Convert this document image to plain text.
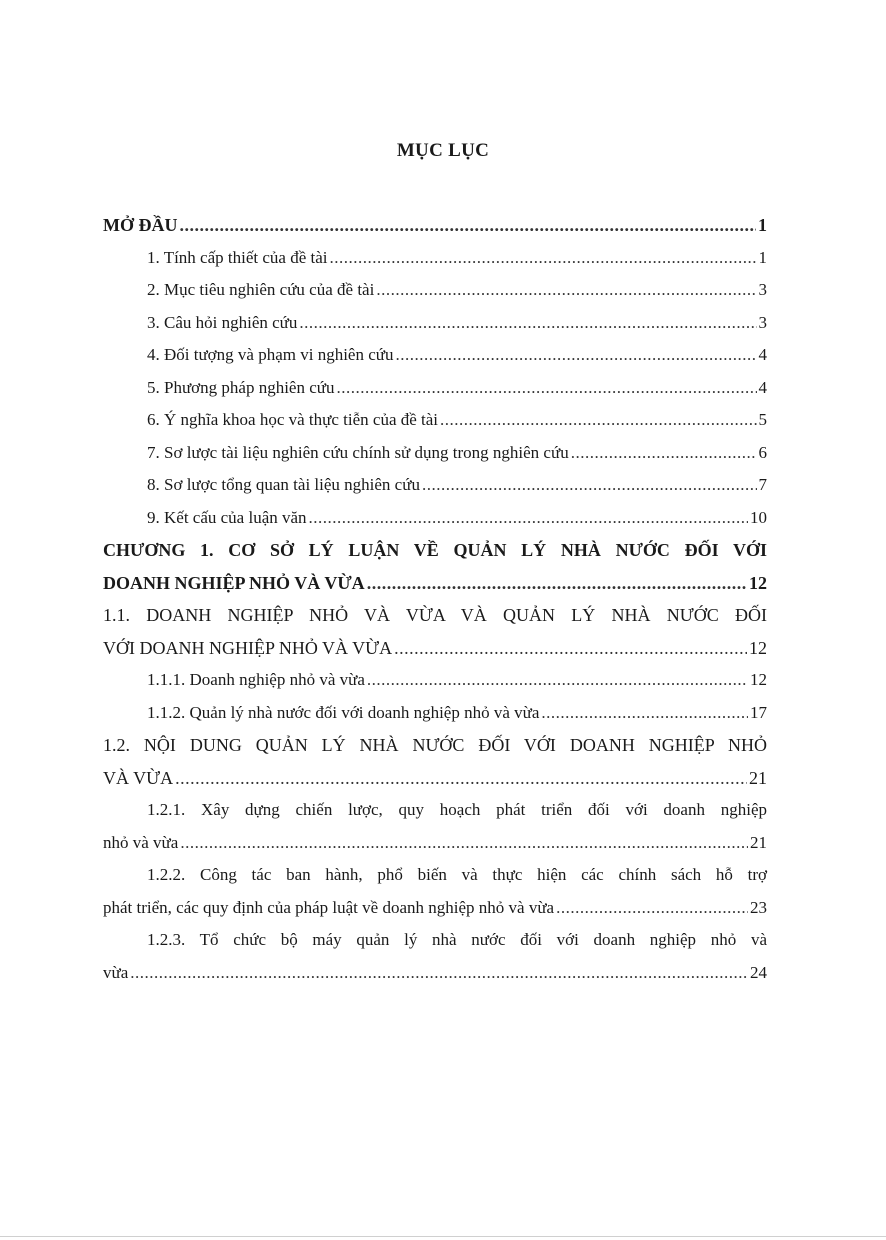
MỤC LỤC
MỞ ĐẦU .....	1
1. Tính cấp thiết của đề tài .....	1
2. Mục tiêu nghiên cứu của đề tài .....	3
3. Câu hỏi nghiên cứu .....	3
4. Đối tượng và phạm vi nghiên cứu .....	4
5. Phương pháp nghiên cứu .....	4
6. Ý nghĩa khoa học và thực tiễn của đề tài .....	5
7. Sơ lược tài liệu nghiên cứu chính sử dụng trong nghiên cứu .....	6
8. Sơ lược tổng quan tài liệu nghiên cứu .....	7
9. Kết cấu của luận văn .....	10
CHƯƠNG 1. CƠ SỞ LÝ LUẬN VỀ QUẢN LÝ NHÀ NƯỚC ĐỐI VỚI
DOANH NGHIỆP NHỎ VÀ VỪA .....	12
1.1. DOANH NGHIỆP NHỎ VÀ VỪA VÀ QUẢN LÝ NHÀ NƯỚC ĐỐI
VỚI DOANH NGHIỆP NHỎ VÀ VỪA .....	12
1.1.1. Doanh nghiệp nhỏ và vừa .....	12
1.1.2. Quản lý nhà nước đối với doanh nghiệp nhỏ và vừa .....	17
1.2. NỘI DUNG QUẢN LÝ NHÀ NƯỚC ĐỐI VỚI DOANH NGHIỆP NHỎ
VÀ VỪA .....	21
1.2.1. Xây dựng chiến lược, quy hoạch phát triển đối với doanh nghiệp
nhỏ và vừa .....	21
1.2.2. Công tác ban hành, phổ biến và thực hiện các chính sách hỗ trợ
phát triển, các quy định của pháp luật về doanh nghiệp nhỏ và vừa .....	23
1.2.3. Tổ chức bộ máy quản lý nhà nước đối với doanh nghiệp nhỏ và
vừa .....	24
